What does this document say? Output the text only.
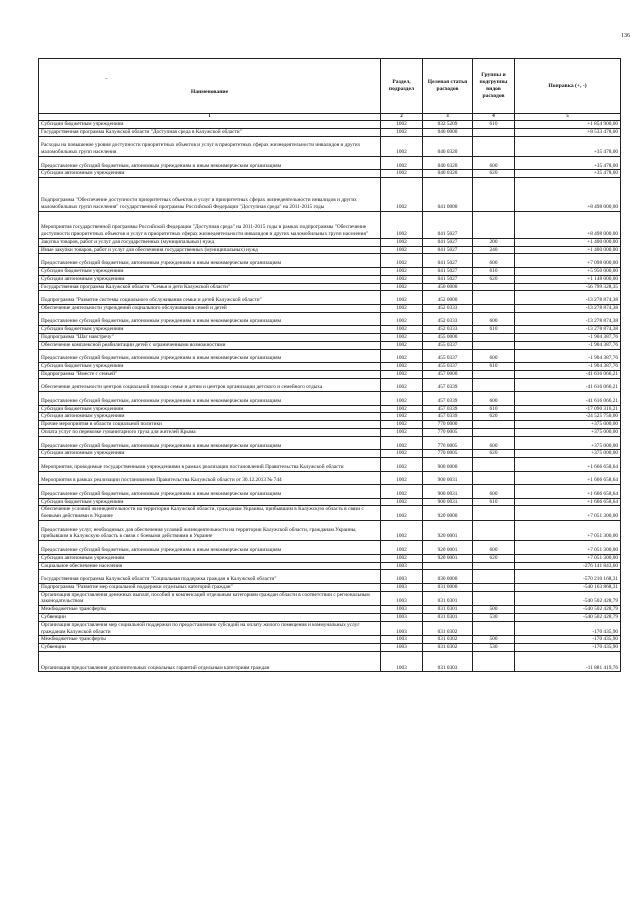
136
–
Наименование	Раздел, подраздел	Целевая статья расходов	Группы и подгруппы видов расходов	Поправка (+, -)
1	2	3	4	5
Субсидии бюджетным учреждениям	1002	032 5209	610	+1 854 900,00
Государственная программа Калужской области "Доступная среда в Калужской области"	1002	040 0000		+8 533 478,00
Расходы на повышение уровня доступности приоритетных объектов и услуг в приоритетных сферах жизнедеятельности инвалидов и других маломобильных групп населения	1002	040 0320		+35 478,00
Предоставление субсидий бюджетным, автономным учреждениям и иным некоммерческим организациям	1002	040 0320	600	+35 478,00
Субсидии автономным учреждениям	1002	040 0320	620	+35 478,00
Подпрограмма "Обеспечение доступности приоритетных объектов и услуг в приоритетных сферах жизнедеятельности инвалидов и других маломобильных групп населения" государственной программы Российской Федерации "Доступная среда" на 2011-2015 годы	1002	041 0000		+8 498 000,00
Мероприятия государственной программы Российской Федерации "Доступная среда" на 2011-2015 годы в рамках подпрограммы "Обеспечение доступности приоритетных объектов и услуг в приоритетных сферах жизнедеятельности инвалидов и других маломобильных групп населения"	1002	041 5027		+8 498 000,00
Закупка товаров, работ и услуг для государственных (муниципальных) нужд	1002	041 5027	200	+1 400 000,00
Иные закупки товаров, работ и услуг для обеспечения государственных (муниципальных) нужд	1002	041 5027	240	+1 400 000,00
Предоставление субсидий бюджетным, автономным учреждениям и иным некоммерческим организациям	1002	041 5027	600	+7 098 000,00
Субсидии бюджетным учреждениям	1002	041 5027	610	+5 950 000,00
Субсидии автономным учреждениям	1002	041 5027	620	+1 148 000,00
Государственная программа Калужской области "Семья и дети Калужской области"	1002	450 0000		-56 799 328,35
Подпрограмма "Развитие системы социального обслуживания семьи и детей Калужской области"	1002	452 0000		-13 278 874,38
Обеспечение деятельности учреждений социального обслуживания семей и детей	1002	452 0333		-13 278 874,38
Предоставление субсидий бюджетным, автономным учреждениям и иным некоммерческим организациям	1002	452 0333	600	-13 278 874,38
Субсидии бюджетным учреждениям	1002	452 0333	610	-13 278 874,38
Подпрограмма "Шаг навстречу"	1002	455 0000		-1 904 387,76
Обеспечение комплексной реабилитации детей с ограниченными возможностями	1002	455 0337		-1 904 387,76
Предоставление субсидий бюджетным, автономным учреждениям и иным некоммерческим организациям	1002	455 0337	600	-1 904 387,76
Субсидии бюджетным учреждениям	1002	455 0337	610	-1 904 387,76
Подпрограмма "Вместе с семьей"	1002	457 0000		-41 616 066,21
Обеспечение деятельности центров социальной помощи семье и детям и центров организации детского и семейного отдыха	1002	457 0339		-41 616 066,21
Предоставление субсидий бюджетным, автономным учреждениям и иным некоммерческим организациям	1002	457 0339	600	-41 616 066,21
Субсидии бюджетным учреждениям	1002	457 0339	610	-17 090 316,21
Субсидии автономным учреждениям	1002	457 0339	620	-24 525 750,00
Прочие мероприятия в области социальной политики	1002	770 0000		+375 000,00
Оплата услуг по перевозке гуманитарного груза для жителей Крыма	1002	770 0005		+375 000,00
Предоставление субсидий бюджетным, автономным учреждениям и иным некоммерческим организациям	1002	770 0005	600	+375 000,00
Субсидии автономным учреждениям	1002	770 0005	620	+375 000,00
Мероприятия, проводимые государственными учреждениями в рамках реализации постановлений Правительства Калужской области	1002	900 0000		+1 666 658,64
Мероприятия в рамках реализации постановления Правительства Калужской области от 30.12.2013 № 744	1002	900 0031		+1 666 658,64
Предоставление субсидий бюджетным, автономным учреждениям и иным некоммерческим организациям	1002	900 0031	600	+1 666 658,64
Субсидии бюджетным учреждениям	1002	900 0031	610	+1 666 658,64
Обеспечение условий жизнедеятельности на территории Калужской области, гражданам Украины, прибывшим в Калужскую область в связи с боевыми действиями в Украине	1002	920 0000		+7 051 300,00
Предоставление услуг, необходимых для обеспечения условий жизнедеятельности на территории Калужской области, гражданам Украины, прибывшим в Калужскую область в связи с боевыми действиями в Украине	1002	920 0001		+7 051 300,00
Предоставление субсидий бюджетным, автономным учреждениям и иным некоммерческим организациям	1002	920 0001	600	+7 051 300,00
Субсидии автономным учреждениям	1002	920 0001	620	+7 051 300,00
Социальное обеспечение населения	1003			-276 141 843,60
Государственная программа Калужской области "Социальная поддержка граждан в Калужской области"	1003	030 0000		-570 210 168,31
Подпрограмма "Развитие мер социальной поддержки отдельных категорий граждан"	1003	031 0000		-540 163 868,31
Организация предоставления денежных выплат, пособий и компенсаций отдельным категориям граждан области в соответствии с региональным законодательством	1003	031 0301		-540 502 428,79
Межбюджетные трансферты	1003	031 0301	500	-540 502 428,79
Субвенции	1003	031 0301	530	-540 502 428,79
Организация предоставления мер социальной поддержки по предоставлению субсидий на оплату жилого помещения и коммунальных услуг гражданам Калужской области	1003	031 0302		-170 435,90
Межбюджетные трансферты	1003	031 0302	500	-170 435,90
Субвенции	1003	031 0302	530	-170 435,90
Организация предоставления дополнительных социальных гарантий отдельным категориям граждан	1003	031 0303		-11 881 419,76
